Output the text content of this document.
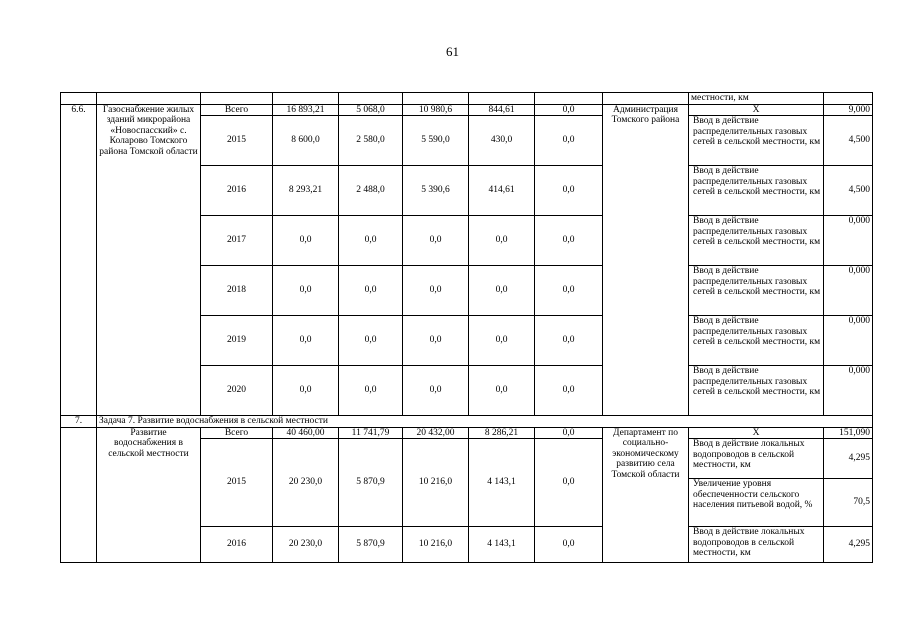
61
									местности, км	
6.6.	Газоснабжение жилых зданий микрорайона «Новоспасский» с. Коларово Томского района Томской области	Всего	16 893,21	5 068,0	10 980,6	844,61	0,0	Администрация Томского района	X	9,000
		2015	8 600,0	2 580,0	5 590,0	430,0	0,0		Ввод в действие распределительных газовых сетей в сельской местности, км	4,500
		2016	8 293,21	2 488,0	5 390,6	414,61	0,0		Ввод в действие распределительных газовых сетей в сельской местности, км	4,500
		2017	0,0	0,0	0,0	0,0	0,0		Ввод в действие распределительных газовых сетей в сельской местности, км	0,000
		2018	0,0	0,0	0,0	0,0	0,0		Ввод в действие распределительных газовых сетей в сельской местности, км	0,000
		2019	0,0	0,0	0,0	0,0	0,0		Ввод в действие распределительных газовых сетей в сельской местности, км	0,000
		2020	0,0	0,0	0,0	0,0	0,0		Ввод в действие распределительных газовых сетей в сельской местности, км	0,000
7.	Задача 7. Развитие водоснабжения в сельской местности									
	Развитие водоснабжения в сельской местности	Всего	40 460,00	11 741,79	20 432,00	8 286,21	0,0	Департамент по социально-экономическому развитию села Томской области	X	151,090
		2015	20 230,0	5 870,9	10 216,0	4 143,1	0,0		Ввод в действие локальных водопроводов в сельской местности, км	4,295
									Увеличение уровня обеспеченности сельского населения питьевой водой, %	70,5
		2016	20 230,0	5 870,9	10 216,0	4 143,1	0,0		Ввод в действие локальных водопроводов в сельской местности, км	4,295
